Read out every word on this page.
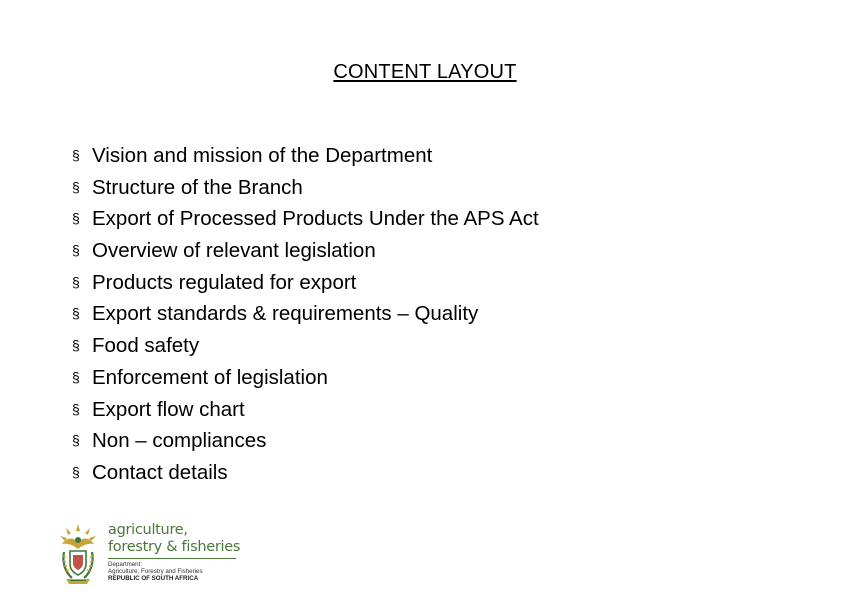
CONTENT LAYOUT
§ Vision and mission of the Department
§ Structure of the Branch
§ Export of Processed Products Under the APS Act
§ Overview of relevant legislation
§ Products regulated for export
§ Export standards & requirements – Quality
§ Food safety
§ Enforcement of legislation
§ Export flow chart
§ Non – compliances
§ Contact details
agriculture,
forestry & fisheries
Department:
Agriculture, Forestry and Fisheries
REPUBLIC OF SOUTH AFRICA
